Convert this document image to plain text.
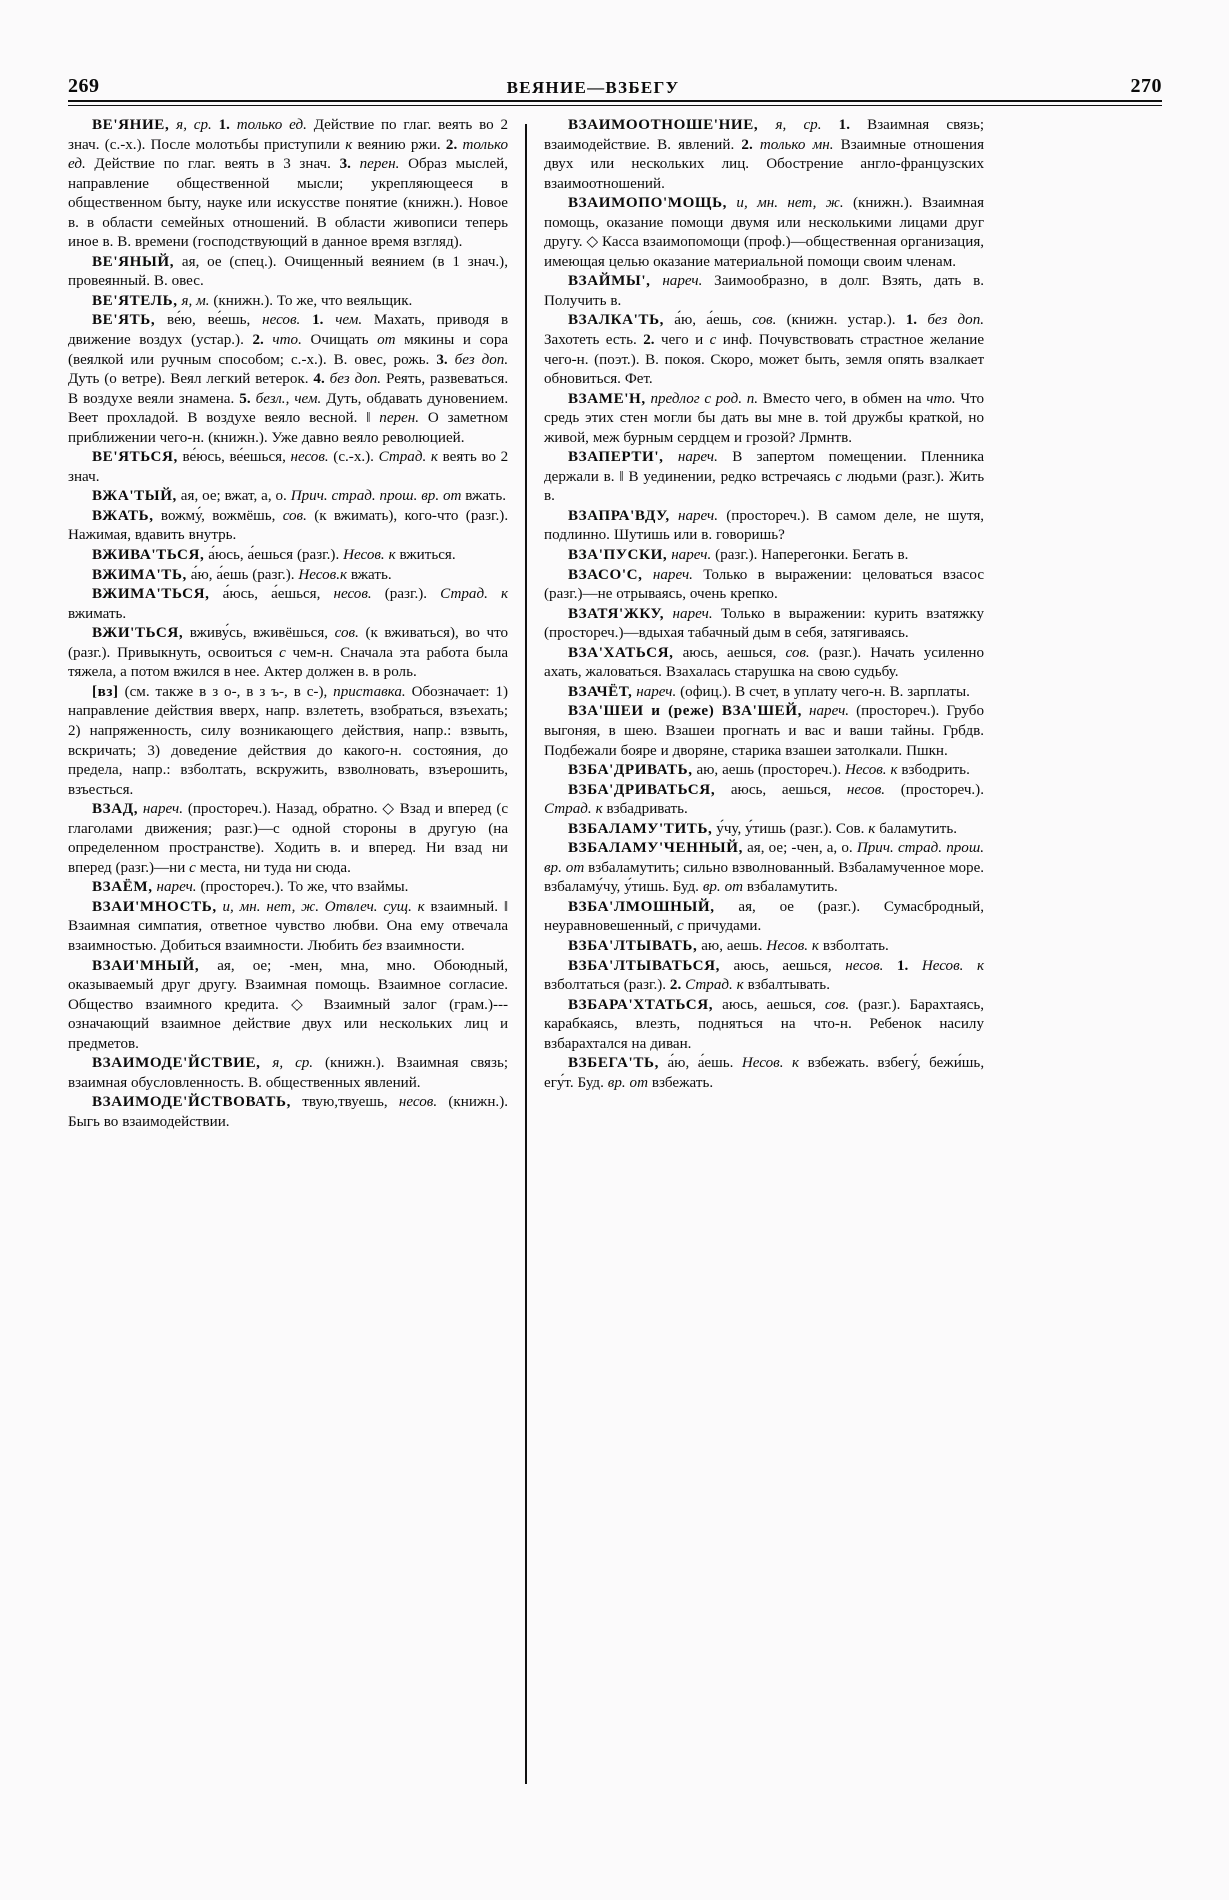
269	ВЕЯНИЕ—ВЗБЕГУ	270

ВЕ'ЯНИЕ, я, ср. 1. только ед. Действие по глаг. веять во 2 знач. (с.-х.). После молотьбы приступили к веянию ржи. 2. только ед. Действие по глаг. веять в 3 знач. 3. перен. Образ мыслей, направление общественной мысли; укрепляющееся в общественном быту, науке или искусстве понятие (книжн.). Новое в. в области семейных отношений. В области живописи теперь иное в. В. времени (господствующий в данное время взгляд).

ВЕ'ЯНЫЙ, ая, ое (спец.). Очищенный веянием (в 1 знач.), провеянный. В. овес.

ВЕ'ЯТЕЛЬ, я, м. (книжн.). То же, что веяльщик.

ВЕ'ЯТЬ, ве́ю, ве́ешь, несов. 1. чем. Махать, приводя в движение воздух (устар.). 2. что. Очищать от мякины и сора (веялкой или ручным способом; с.-х.). В. овес, рожь. 3. без доп. Дуть (о ветре). Веял легкий ветерок. 4. без доп. Реять, развеваться. В воздухе веяли знамена. 5. безл., чем. Дуть, обдавать дуновением. Веет прохладой. В воздухе веяло весной. ǁ перен. О заметном приближении чего-н. (книжн.). Уже давно веяло революцией.

ВЕ'ЯТЬСЯ, ве́юсь, ве́ешься, несов. (с.-х.). Страд. к веять во 2 знач.

ВЖА'ТЫЙ, ая, ое; вжат, а, о. Прич. страд. прош. вр. от вжать.

ВЖАТЬ, вожму́, вожмёшь, сов. (к вжимать), кого-что (разг.). Нажимая, вдавить внутрь.

ВЖИВА'ТЬСЯ, а́юсь, а́ешься (разг.). Несов. к вжиться.

ВЖИМА'ТЬ, а́ю, а́ешь (разг.). Несов.к вжать.

ВЖИМА'ТЬСЯ, а́юсь, а́ешься, несов. (разг.). Страд. к вжимать.

ВЖИ'ТЬСЯ, вживу́сь, вживёшься, сов. (к вживаться), во что (разг.). Привыкнуть, освоиться с чем-н. Сначала эта работа была тяжела, а потом вжился в нее. Актер должен в. в роль.

[вз] (см. также в з о-, в з ъ-, в с-), приставка. Обозначает: 1) направление действия вверх, напр. взлететь, взобраться, взъехать; 2) напряженность, силу возникающего действия, напр.: взвыть, вскричать; 3) доведение действия до какого-н. состояния, до предела, напр.: взболтать, вскружить, взволновать, взъерошить, взъесться.

ВЗАД, нареч. (простореч.). Назад, обратно. ◇ Взад и вперед (с глаголами движения; разг.)—с одной стороны в другую (на определенном пространстве). Ходить в. и вперед. Ни взад ни вперед (разг.)—ни с места, ни туда ни сюда.

ВЗАЁМ, нареч. (простореч.). То же, что взаймы.

ВЗАИ'МНОСТЬ, и, мн. нет, ж. Отвлеч. сущ. к взаимный. ǁ Взаимная симпатия, ответное чувство любви. Она ему отвечала взаимностью. Добиться взаимности. Любить без взаимности.

ВЗАИ'МНЫЙ, ая, ое; -мен, мна, мно. Обоюдный, оказываемый друг другу. Взаимная помощь. Взаимное согласие. Общество взаимного кредита. ◇ Взаимный залог (грам.)---означающий взаимное действие двух или нескольких лиц и предметов.

ВЗАИМОДЕ'ЙСТВИЕ, я, ср. (книжн.). Взаимная связь; взаимная обусловленность. В. общественных явлений.

ВЗАИМОДЕ'ЙСТВОВАТЬ, твую,твуешь, несов. (книжн.). Быгь во взаимодействии.

ВЗАИМООТНОШЕ'НИЕ, я, ср. 1. Взаимная связь; взаимодействие. В. явлений. 2. только мн. Взаимные отношения двух или нескольких лиц. Обострение англо-французских взаимоотношений.

ВЗАИМОПО'МОЩЬ, и, мн. нет, ж. (книжн.). Взаимная помощь, оказание помощи двумя или несколькими лицами друг другу. ◇ Касса взаимопомощи (проф.)—общественная организация, имеющая целью оказание материальной помощи своим членам.

ВЗАЙМЫ', нареч. Заимообразно, в долг. Взять, дать в. Получить в.

ВЗАЛКА'ТЬ, а́ю, а́ешь, сов. (книжн. устар.). 1. без доп. Захотеть есть. 2. чего и с инф. Почувствовать страстное желание чего-н. (поэт.). В. покоя. Скоро, может быть, земля опять взалкает обновиться. Фет.

ВЗАМЕ'Н, предлог с род. п. Вместо чего, в обмен на что. Что средь этих стен могли бы дать вы мне в. той дружбы краткой, но живой, меж бурным сердцем и грозой? Лрмнтв.

ВЗАПЕРТИ', нареч. В запертом помещении. Пленника держали в. ǁ В уединении, редко встречаясь с людьми (разг.). Жить в.

ВЗАПРА'ВДУ, нареч. (простореч.). В самом деле, не шутя, подлинно. Шутишь или в. говоришь?

ВЗА'ПУСКИ, нареч. (разг.). Наперегонки. Бегать в.

ВЗАСО'С, нареч. Только в выражении: целоваться взасос (разг.)—не отрываясь, очень крепко.

ВЗАТЯ'ЖКУ, нареч. Только в выражении: курить взатяжку (простореч.)—вдыхая табачный дым в себя, затягиваясь.

ВЗА'ХАТЬСЯ, аюсь, аешься, сов. (разг.). Начать усиленно ахать, жаловаться. Взахалась старушка на свою судьбу.

ВЗАЧЁТ, нареч. (офиц.). В счет, в уплату чего-н. В. зарплаты.

ВЗА'ШЕИ и (реже) ВЗА'ШЕЙ, нареч. (простореч.). Грубо выгоняя, в шею. Взашеи прогнать и вас и ваши тайны. Грбдв. Подбежали бояре и дворяне, старика взашеи затолкали. Пшкн.

ВЗБА'ДРИВАТЬ, аю, аешь (простореч.). Несов. к взбодрить.

ВЗБА'ДРИВАТЬСЯ, аюсь, аешься, несов. (простореч.). Страд. к взбадривать.

ВЗБАЛАМУ'ТИТЬ, у́чу, у́тишь (разг.). Сов. к баламутить.

ВЗБАЛАМУ'ЧЕННЫЙ, ая, ое; -чен, а, о. Прич. страд. прош. вр. от взбаламутить; сильно взволнованный. Взбаламученное море. взбаламу́чу, у́тишь. Буд. вр. от взбаламутить.

ВЗБА'ЛМОШНЫЙ, ая, ое (разг.). Сумасбродный, неуравновешенный, с причудами.

ВЗБА'ЛТЫВАТЬ, аю, аешь. Несов. к взболтать.

ВЗБА'ЛТЫВАТЬСЯ, аюсь, аешься, несов. 1. Несов. к взболтаться (разг.). 2. Страд. к взбалтывать.

ВЗБАРА'ХТАТЬСЯ, аюсь, аешься, сов. (разг.). Барахтаясь, карабкаясь, влезть, подняться на что-н. Ребенок насилу взбарахтался на диван.

ВЗБЕГА'ТЬ, а́ю, а́ешь. Несов. к взбежать. взбегу́, бежи́шь, егу́т. Буд. вр. от взбежать.
